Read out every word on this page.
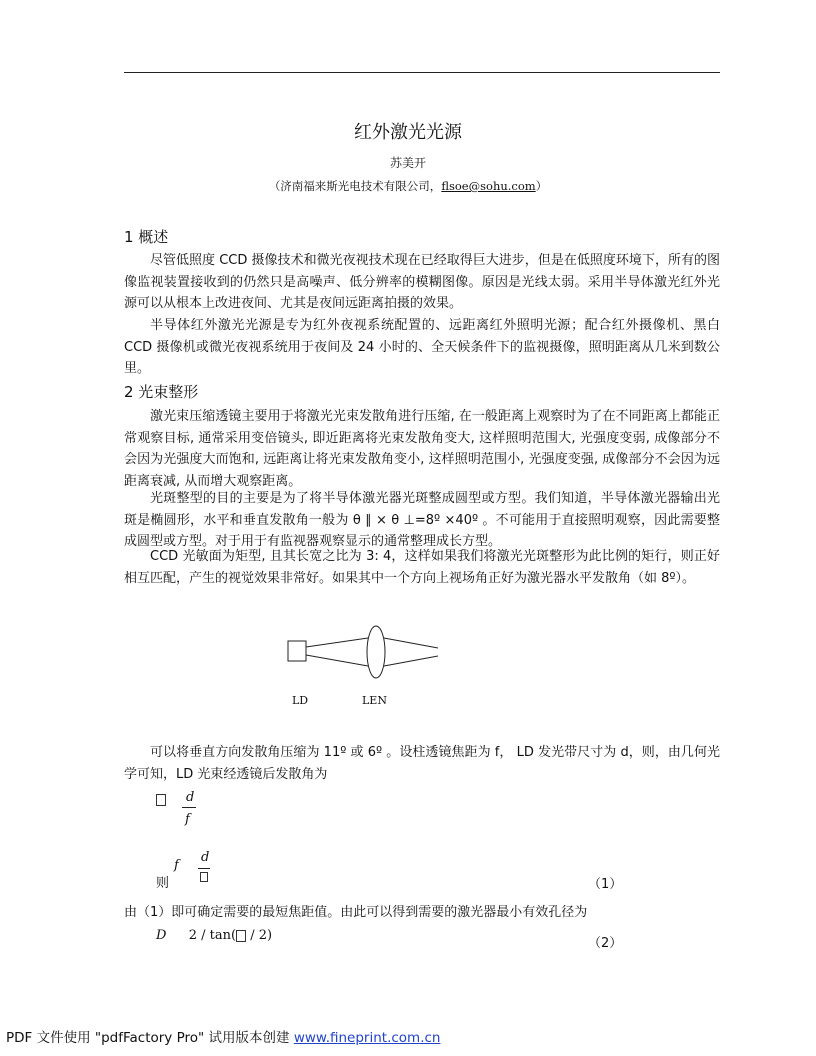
红外激光光源
苏美开
（济南福来斯光电技术有限公司，flsoe@sohu.com）
1 概述

尽管低照度 CCD 摄像技术和微光夜视技术现在已经取得巨大进步，但是在低照度环境下，所有的图像监视装置接收到的仍然只是高噪声、低分辨率的模糊图像。原因是光线太弱。采用半导体激光红外光源可以从根本上改进夜间、尤其是夜间远距离拍摄的效果。

半导体红外激光光源是专为红外夜视系统配置的、远距离红外照明光源；配合红外摄像机、黑白 CCD 摄像机或微光夜视系统用于夜间及 24 小时的、全天候条件下的监视摄像，照明距离从几米到数公里。

2 光束整形

激光束压缩透镜主要用于将激光光束发散角进行压缩, 在一般距离上观察时为了在不同距离上都能正常观察目标, 通常采用变倍镜头, 即近距离将光束发散角变大, 这样照明范围大, 光强度变弱, 成像部分不会因为光强度大而饱和, 远距离让将光束发散角变小, 这样照明范围小, 光强度变强, 成像部分不会因为远距离衰减, 从而增大观察距离。

光斑整型的目的主要是为了将半导体激光器光斑整成圆型或方型。我们知道，半导体激光器输出光斑是椭圆形，水平和垂直发散角一般为 θ ∥ × θ ⊥=8º ×40º 。不可能用于直接照明观察，因此需要整成圆型或方型。对于用于有监视器观察显示的通常整理成长方型。

CCD 光敏面为矩型, 且其长宽之比为 3: 4，这样如果我们将激光光斑整形为此比例的矩行，则正好相互匹配，产生的视觉效果非常好。如果其中一个方向上视场角正好为激光器水平发散角（如 8º）。

LD	LEN

可以将垂直方向发散角压缩为 11º 或 6º 。设柱透镜焦距为 f， LD 发光带尺寸为 d，则，由几何光学可知，LD 光束经透镜后发散角为

d
f
则
f
d
（1）

由（1）即可确定需要的最短焦距值。由此可以得到需要的激光器最小有效孔径为

D 2 / tan( / 2)
（2）
PDF 文件使用 "pdfFactory Pro" 试用版本创建 www.fineprint.com.cn
